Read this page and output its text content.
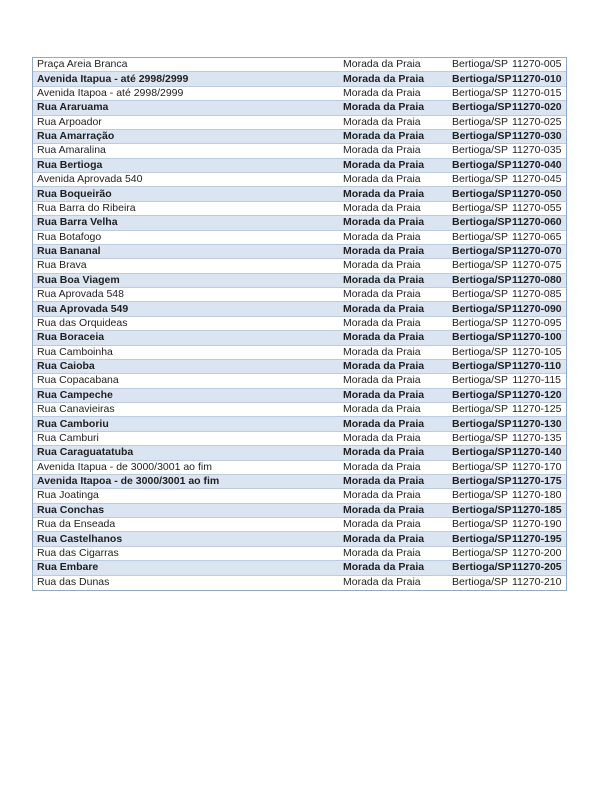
Praça Areia Branca	Morada da Praia	Bertioga/SP 11270-005
Avenida Itapua - até 2998/2999	Morada da Praia	Bertioga/SP 11270-010
Avenida Itapoa - até 2998/2999	Morada da Praia	Bertioga/SP 11270-015
Rua Araruama	Morada da Praia	Bertioga/SP 11270-020
Rua Arpoador	Morada da Praia	Bertioga/SP 11270-025
Rua Amarração	Morada da Praia	Bertioga/SP 11270-030
Rua Amaralina	Morada da Praia	Bertioga/SP 11270-035
Rua Bertioga	Morada da Praia	Bertioga/SP 11270-040
Avenida Aprovada 540	Morada da Praia	Bertioga/SP 11270-045
Rua Boqueirão	Morada da Praia	Bertioga/SP 11270-050
Rua Barra do Ribeira	Morada da Praia	Bertioga/SP 11270-055
Rua Barra Velha	Morada da Praia	Bertioga/SP 11270-060
Rua Botafogo	Morada da Praia	Bertioga/SP 11270-065
Rua Bananal	Morada da Praia	Bertioga/SP 11270-070
Rua Brava	Morada da Praia	Bertioga/SP 11270-075
Rua Boa Viagem	Morada da Praia	Bertioga/SP 11270-080
Rua Aprovada 548	Morada da Praia	Bertioga/SP 11270-085
Rua Aprovada 549	Morada da Praia	Bertioga/SP 11270-090
Rua das Orquideas	Morada da Praia	Bertioga/SP 11270-095
Rua Boraceia	Morada da Praia	Bertioga/SP 11270-100
Rua Camboinha	Morada da Praia	Bertioga/SP 11270-105
Rua Caioba	Morada da Praia	Bertioga/SP 11270-110
Rua Copacabana	Morada da Praia	Bertioga/SP 11270-115
Rua Campeche	Morada da Praia	Bertioga/SP 11270-120
Rua Canavieiras	Morada da Praia	Bertioga/SP 11270-125
Rua Camboriu	Morada da Praia	Bertioga/SP 11270-130
Rua Camburi	Morada da Praia	Bertioga/SP 11270-135
Rua Caraguatatuba	Morada da Praia	Bertioga/SP 11270-140
Avenida Itapua - de 3000/3001 ao fim	Morada da Praia	Bertioga/SP 11270-170
Avenida Itapoa - de 3000/3001 ao fim	Morada da Praia	Bertioga/SP 11270-175
Rua Joatinga	Morada da Praia	Bertioga/SP 11270-180
Rua Conchas	Morada da Praia	Bertioga/SP 11270-185
Rua da Enseada	Morada da Praia	Bertioga/SP 11270-190
Rua Castelhanos	Morada da Praia	Bertioga/SP 11270-195
Rua das Cigarras	Morada da Praia	Bertioga/SP 11270-200
Rua Embare	Morada da Praia	Bertioga/SP 11270-205
Rua das Dunas	Morada da Praia	Bertioga/SP 11270-210
